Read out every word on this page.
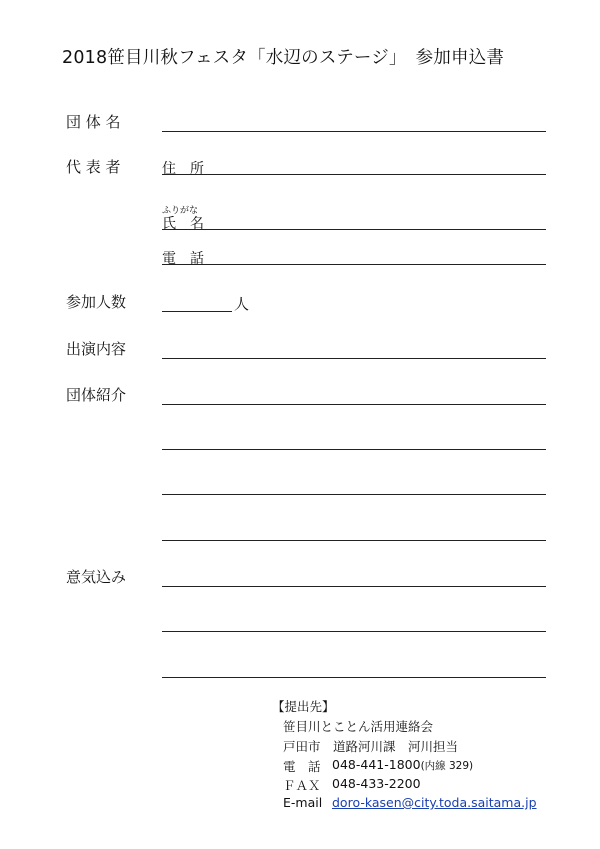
2018笹目川秋フェスタ「水辺のステージ」　参加申込書
団 体 名
代 表 者	住　所
ふりがな
氏　名
電　話
参加人数	人
出演内容
団体紹介
意気込み
【提出先】
笹目川とことん活用連絡会
戸田市　道路河川課　河川担当
電　話 048-441-1800(内線 329)
ＦＡＸ 048-433-2200
E-mail doro-kasen@city.toda.saitama.jp
